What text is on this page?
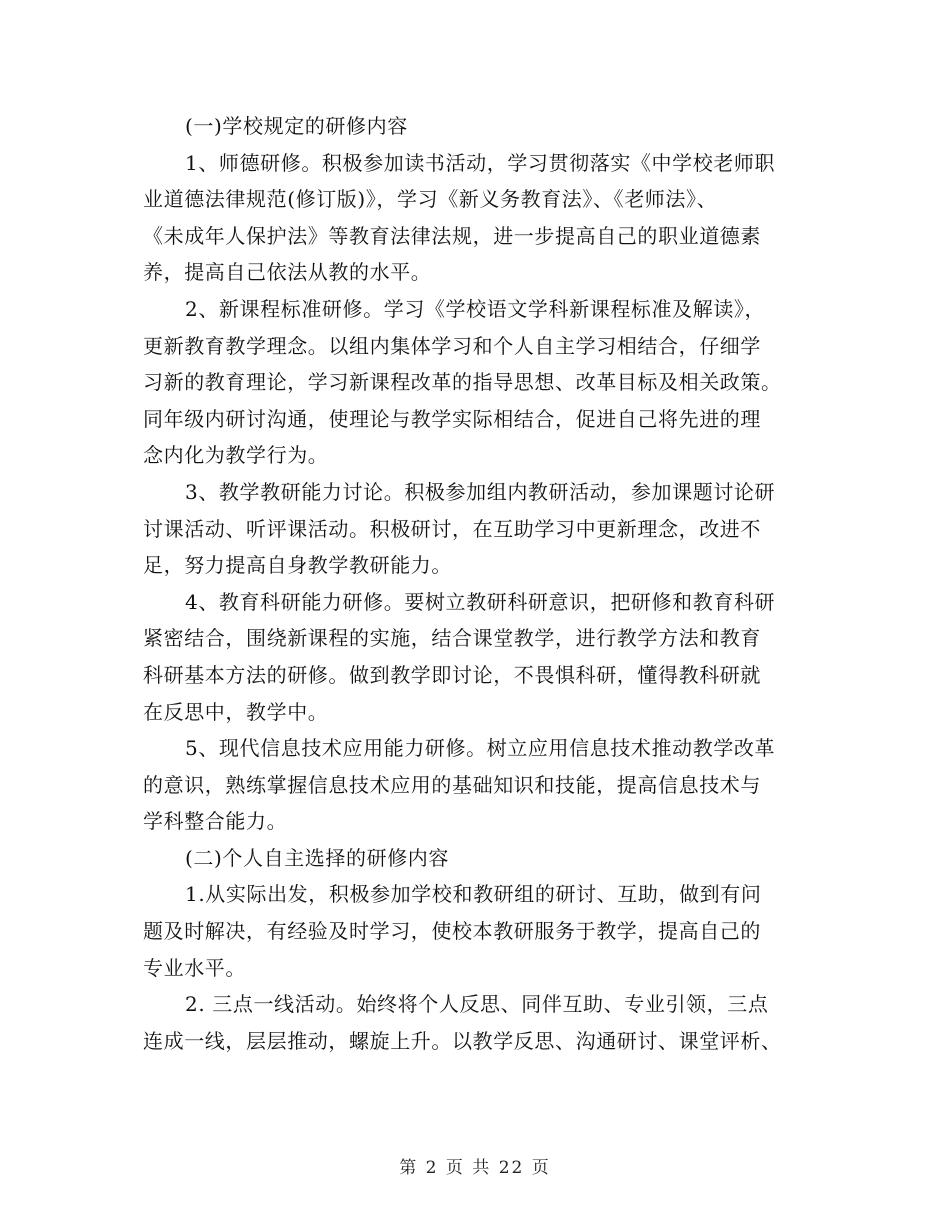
(一)学校规定的研修内容
1、师德研修。积极参加读书活动，学习贯彻落实《中学校老师职
业道德法律规范(修订版)》，学习《新义务教育法》、《老师法》、
《未成年人保护法》等教育法律法规，进一步提高自己的职业道德素
养，提高自己依法从教的水平。
2、新课程标准研修。学习《学校语文学科新课程标准及解读》，
更新教育教学理念。以组内集体学习和个人自主学习相结合，仔细学
习新的教育理论，学习新课程改革的指导思想、改革目标及相关政策。
同年级内研讨沟通，使理论与教学实际相结合，促进自己将先进的理
念内化为教学行为。
3、教学教研能力讨论。积极参加组内教研活动，参加课题讨论研
讨课活动、听评课活动。积极研讨，在互助学习中更新理念，改进不
足，努力提高自身教学教研能力。
4、教育科研能力研修。要树立教研科研意识，把研修和教育科研
紧密结合，围绕新课程的实施，结合课堂教学，进行教学方法和教育
科研基本方法的研修。做到教学即讨论，不畏惧科研，懂得教科研就
在反思中，教学中。
5、现代信息技术应用能力研修。树立应用信息技术推动教学改革
的意识，熟练掌握信息技术应用的基础知识和技能，提高信息技术与
学科整合能力。
(二)个人自主选择的研修内容
1.从实际出发，积极参加学校和教研组的研讨、互助，做到有问
题及时解决，有经验及时学习，使校本教研服务于教学，提高自己的
专业水平。
2. 三点一线活动。始终将个人反思、同伴互助、专业引领，三点
连成一线，层层推动，螺旋上升。以教学反思、沟通研讨、课堂评析、
第 2 页 共 22 页
